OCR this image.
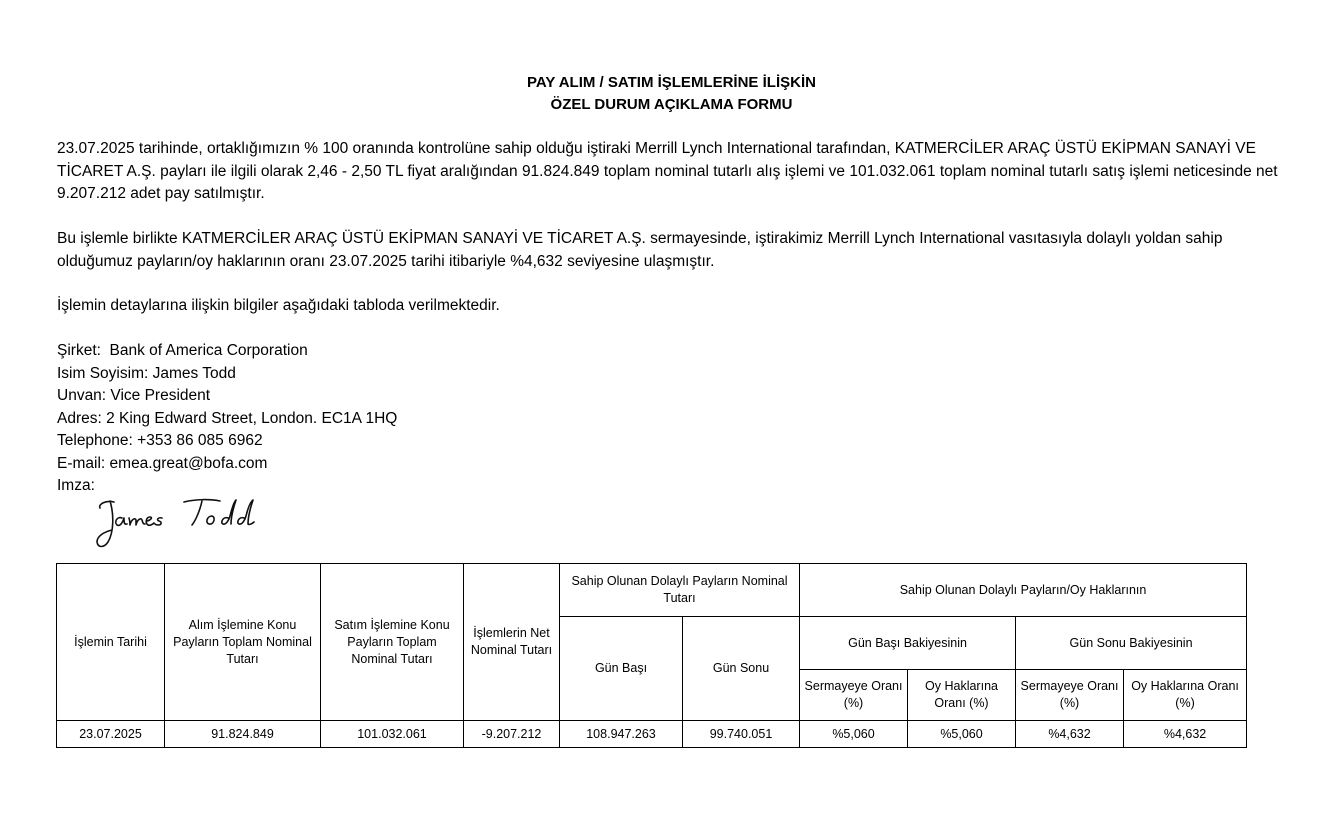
PAY ALIM / SATIM İŞLEMLERİNE İLİŞKİN
ÖZEL DURUM AÇIKLAMA FORMU
23.07.2025 tarihinde, ortaklığımızın % 100 oranında kontrolüne sahip olduğu iştiraki Merrill Lynch International tarafından, KATMERCİLER ARAÇ ÜSTÜ EKİPMAN SANAYİ VE TİCARET A.Ş. payları ile ilgili olarak 2,46 - 2,50 TL fiyat aralığından 91.824.849 toplam nominal tutarlı alış işlemi ve 101.032.061 toplam nominal tutarlı satış işlemi neticesinde net 9.207.212 adet pay satılmıştır.
Bu işlemle birlikte KATMERCİLER ARAÇ ÜSTÜ EKİPMAN SANAYİ VE TİCARET A.Ş. sermayesinde, iştirakimiz Merrill Lynch International vasıtasıyla dolaylı yoldan sahip olduğumuz payların/oy haklarının oranı 23.07.2025 tarihi itibariyle %4,632 seviyesine ulaşmıştır.
İşlemin detaylarına ilişkin bilgiler aşağıdaki tabloda verilmektedir.
Şirket:  Bank of America Corporation
Isim Soyisim: James Todd
Unvan: Vice President
Adres: 2 King Edward Street, London. EC1A 1HQ
Telephone: +353 86 085 6962
E-mail: emea.great@bofa.com
Imza:
İşlemin Tarihi	Alım İşlemine Konu Payların Toplam Nominal Tutarı	Satım İşlemine Konu Payların Toplam Nominal Tutarı	İşlemlerin Net Nominal Tutarı	Sahip Olunan Dolaylı Payların Nominal Tutarı		Sahip Olunan Dolaylı Payların/Oy Haklarının			
				Gün Başı	Gün Sonu	Gün Başı Bakiyesinin		Gün Sonu Bakiyesinin	
						Sermayeye Oranı (%)	Oy Haklarına Oranı (%)	Sermayeye Oranı (%)	Oy Haklarına Oranı (%)
23.07.2025	91.824.849	101.032.061	-9.207.212	108.947.263	99.740.051	%5,060	%5,060	%4,632	%4,632
